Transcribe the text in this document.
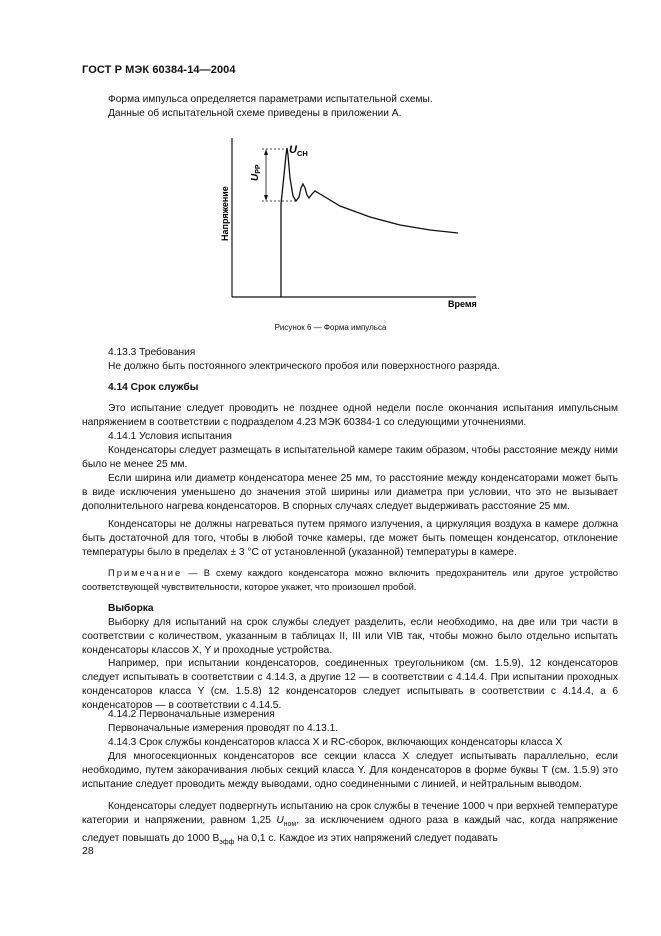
ГОСТ Р МЭК 60384-14—2004
Форма импульса определяется параметрами испытательной схемы.
Данные об испытательной схеме приведены в приложении А.
$U_{CH}$
$U_{PP}$
Напряжение
Время
Рисунок 6 — Форма импульса
4.13.3 Требования
Не должно быть постоянного электрического пробоя или поверхностного разряда.
4.14 Срок службы
Это испытание следует проводить не позднее одной недели после окончания испытания импульсным напряжением в соответствии с подразделом 4.23 МЭК 60384-1 со следующими уточнениями.
4.14.1 Условия испытания
Конденсаторы следует размещать в испытательной камере таким образом, чтобы расстояние между ними было не менее 25 мм.
Если ширина или диаметр конденсатора менее 25 мм, то расстояние между конденсаторами может быть в виде исключения уменьшено до значения этой ширины или диаметра при условии, что это не вызывает дополнительного нагрева конденсаторов. В спорных случаях следует выдерживать расстояние 25 мм.
Конденсаторы не должны нагреваться путем прямого излучения, а циркуляция воздуха в камере должна быть достаточной для того, чтобы в любой точке камеры, где может быть помещен конденсатор, отклонение температуры было в пределах ± 3 °С от установленной (указанной) температуры в камере.
Примечание — В схему каждого конденсатора можно включить предохранитель или другое устройство соответствующей чувствительности, которое укажет, что произошел пробой.
Выборка
Выборку для испытаний на срок службы следует разделить, если необходимо, на две или три части в соответствии с количеством, указанным в таблицах II, III или VIB так, чтобы можно было отдельно испытать конденсаторы классов X, Y и проходные устройства.
Например, при испытании конденсаторов, соединенных треугольником (см. 1.5.9), 12 конденсаторов следует испытывать в соответствии с 4.14.3, а другие 12 — в соответствии с 4.14.4. При испытании проходных конденсаторов класса Y (см. 1.5.8) 12 конденсаторов следует испытывать в соответствии с 4.14.4, а 6 конденсаторов — в соответствии с 4.14.5.
4.14.2 Первоначальные измерения
Первоначальные измерения проводят по 4.13.1.
4.14.3 Срок службы конденсаторов класса X и RC-сборок, включающих конденсаторы класса X
Для многосекционных конденсаторов все секции класса X следует испытывать параллельно, если необходимо, путем закорачивания любых секций класса Y. Для конденсаторов в форме буквы Т (см. 1.5.9) это испытание следует проводить между выводами, одно соединенными с линией, и нейтральным выводом.
Конденсаторы следует подвергнуть испытанию на срок службы в течение 1000 ч при верхней температуре категории и напряжении, равном 1,25 $U_{ном}$, за исключением одного раза в каждый час, когда напряжение следует повышать до 1000 $В_{эфф}$ на 0,1 с. Каждое из этих напряжений следует подавать
28
